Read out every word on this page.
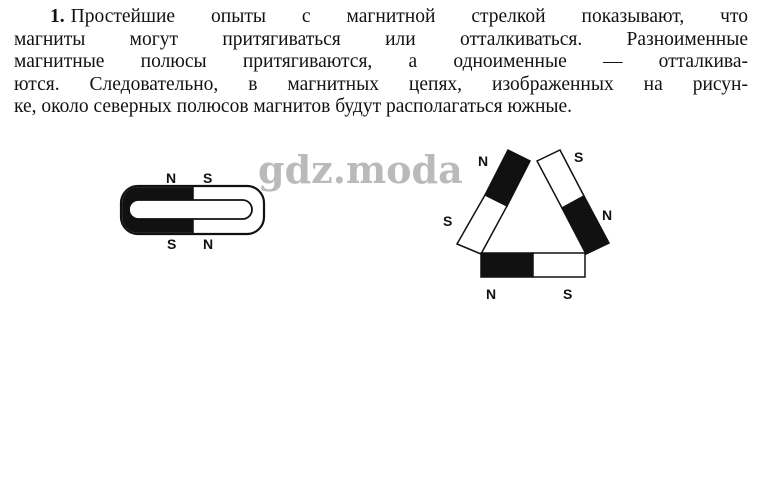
1. Простейшие опыты с магнитной стрелкой показывают, что
магниты могут притягиваться или отталкиваться. Разноименные
магнитные полюсы притягиваются, а одноименные — отталкива-
ются. Следовательно, в магнитных цепях, изображенных на рисун-
ке, около северных полюсов магнитов будут располагаться южные.
gdz.moda
N S
S N
N
S
S
N
N	S
